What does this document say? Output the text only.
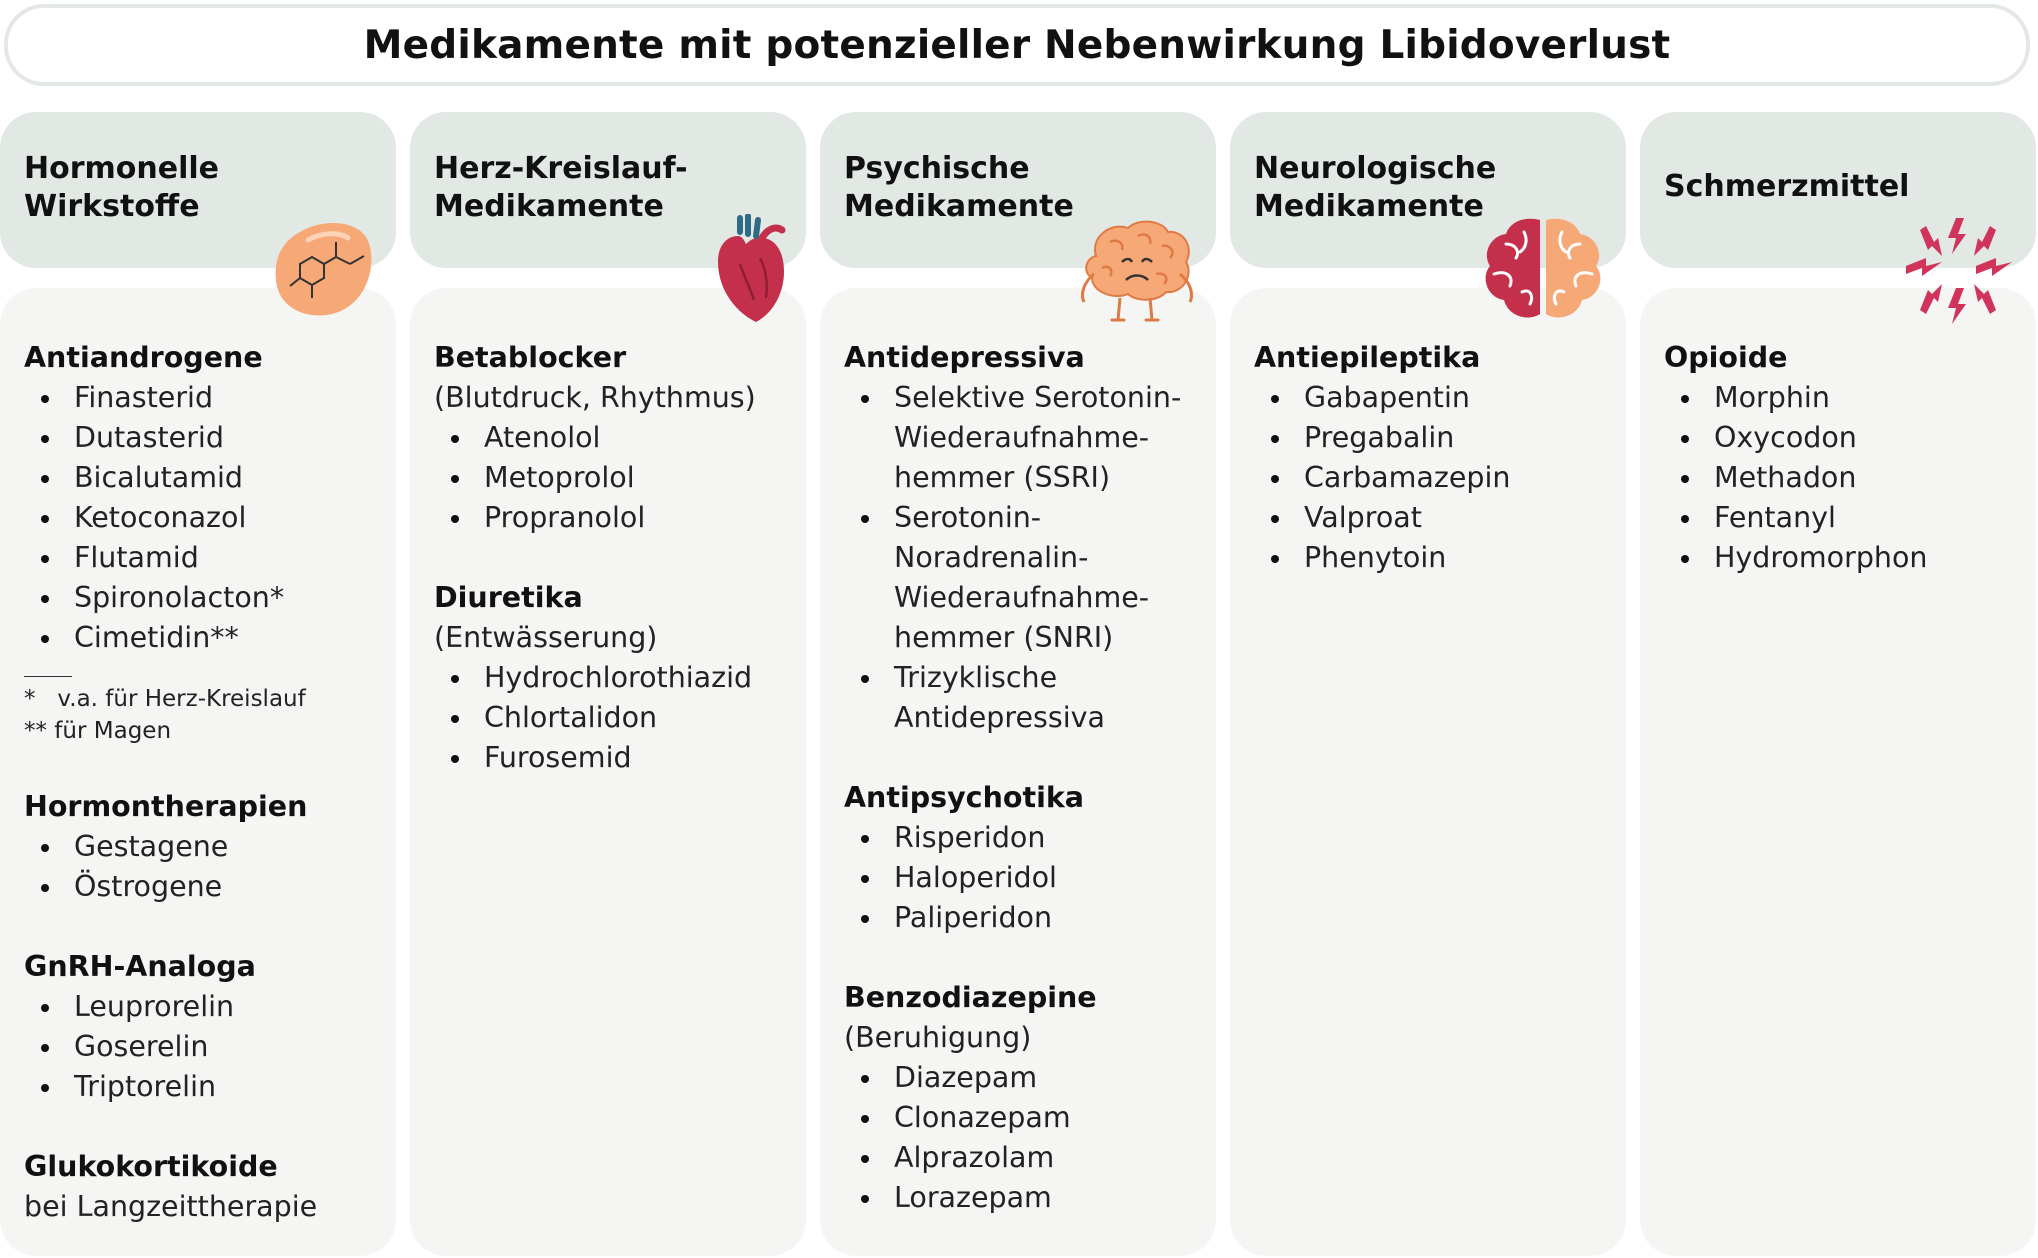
Medikamente mit potenzieller Nebenwirkung Libidoverlust
Hormonelle
Wirkstoffe
Antiandrogene
Finasterid
Dutasterid
Bicalutamid
Ketoconazol
Flutamid
Spironolacton*
Cimetidin**
*   v.a. für Herz-Kreislauf
** für Magen
Hormontherapien
Gestagene
Östrogene
GnRH-Analoga
Leuprorelin
Goserelin
Triptorelin
Glukokortikoide
bei Langzeittherapie
Herz-Kreislauf-
Medikamente
Betablocker
(Blutdruck, Rhythmus)
Atenolol
Metoprolol
Propranolol
Diuretika
(Entwässerung)
Hydrochlorothiazid
Chlortalidon
Furosemid
Psychische
Medikamente
Antidepressiva
Selektive Serotonin-
Wiederaufnahme-
hemmer (SSRI)
Serotonin-
Noradrenalin-
Wiederaufnahme-
hemmer (SNRI)
Trizyklische
Antidepressiva
Antipsychotika
Risperidon
Haloperidol
Paliperidon
Benzodiazepine
(Beruhigung)
Diazepam
Clonazepam
Alprazolam
Lorazepam
Neurologische
Medikamente
Antiepileptika
Gabapentin
Pregabalin
Carbamazepin
Valproat
Phenytoin
Schmerzmittel
Opioide
Morphin
Oxycodon
Methadon
Fentanyl
Hydromorphon
